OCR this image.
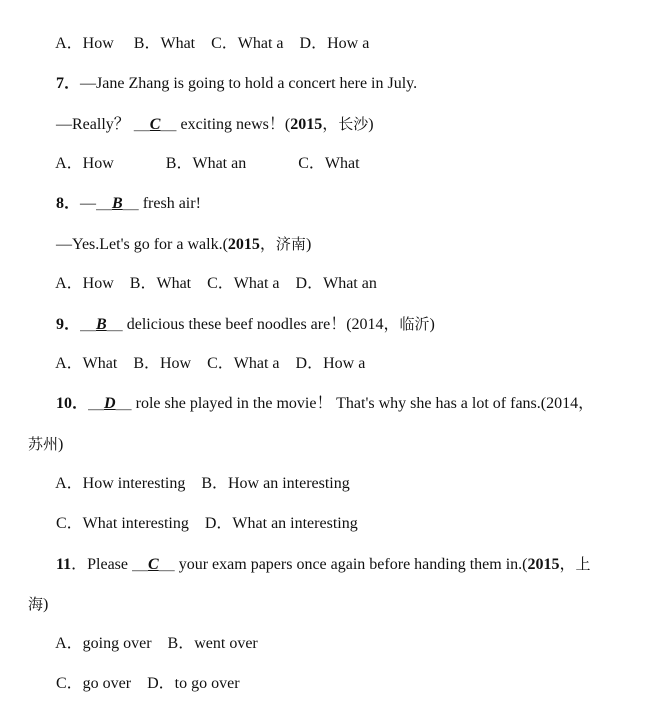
A．How　 B．What　C．What a　D．How a

7．—Jane Zhang is going to hold a concert here in July.

—Really？ ＿C＿ exciting news！(2015，长沙)

A．How　　　 B．What an　　　 C．What

8．—＿B＿ fresh air!

—Yes.Let's go for a walk.(2015，济南)

A．How　B．What　C．What a　D．What an

9．＿B＿ delicious these beef noodles are！(2014，临沂)

A．What　B．How　C．What a　D．How a

10．＿D＿ role she played in the movie！ That's why she has a lot of fans.(2014，

苏州)

A．How interesting　B．How an interesting

C．What interesting　D．What an interesting

11．Please ＿C＿ your exam papers once again before handing them in.(2015，上

海)

A．going over　B．went over

C．go over　D．to go over
